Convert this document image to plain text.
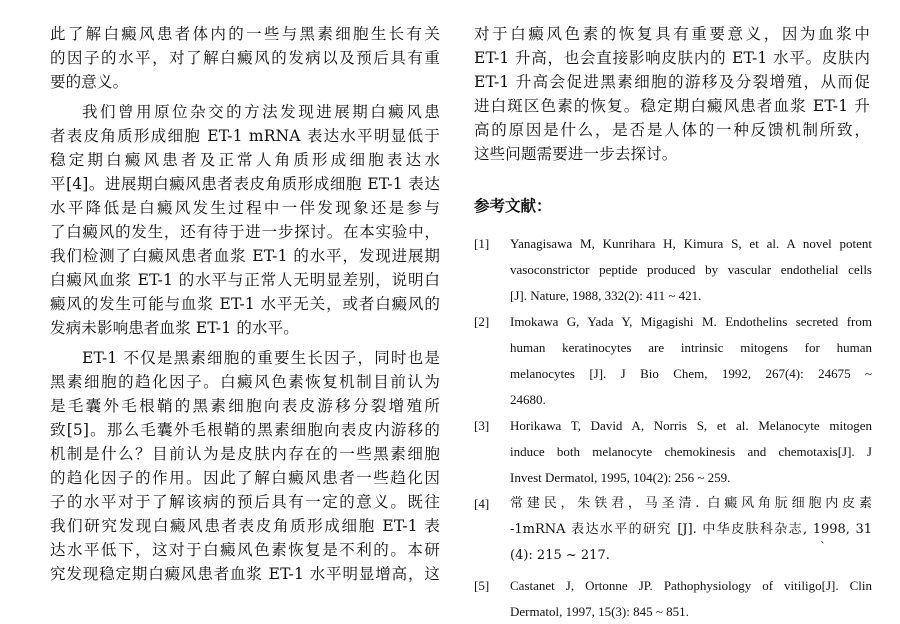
此了解白癜风患者体内的一些与黑素细胞生长有关
的因子的水平，对了解白癜风的发病以及预后具有重
要的意义。
我们曾用原位杂交的方法发现进展期白癜风患
者表皮角质形成细胞 ET-1 mRNA 表达水平明显低于
稳定期白癜风患者及正常人角质形成细胞表达水
平[4]。进展期白癜风患者表皮角质形成细胞 ET-1 表达
水平降低是白癜风发生过程中一伴发现象还是参与
了白癜风的发生，还有待于进一步探讨。在本实验中，
我们检测了白癜风患者血浆 ET-1 的水平，发现进展期
白癜风血浆 ET-1 的水平与正常人无明显差别，说明白
癜风的发生可能与血浆 ET-1 水平无关，或者白癜风的
发病未影响患者血浆 ET-1 的水平。
ET-1 不仅是黑素细胞的重要生长因子，同时也是
黑素细胞的趋化因子。白癜风色素恢复机制目前认为
是毛囊外毛根鞘的黑素细胞向表皮游移分裂增殖所
致[5]。那么毛囊外毛根鞘的黑素细胞向表皮内游移的
机制是什么？目前认为是皮肤内存在的一些黑素细胞
的趋化因子的作用。因此了解白癜风患者一些趋化因
子的水平对于了解该病的预后具有一定的意义。既往
我们研究发现白癜风患者表皮角质形成细胞 ET-1 表
达水平低下，这对于白癜风色素恢复是不利的。本研
究发现稳定期白癜风患者血浆 ET-1 水平明显增高，这
对于白癜风色素的恢复具有重要意义，因为血浆中
ET-1 升高，也会直接影响皮肤内的 ET-1 水平。皮肤内
ET-1 升高会促进黑素细胞的游移及分裂增殖，从而促
进白斑区色素的恢复。稳定期白癜风患者血浆 ET-1 升
高的原因是什么，是否是人体的一种反馈机制所致，
这些问题需要进一步去探讨。
参考文献：
[1]	Yanagisawa M, Kunrihara H, Kimura S, et al. A novel potent
vasoconstrictor peptide produced by vascular endothelial cells
[J]. Nature, 1988, 332(2): 411 ~ 421.
[2]	Imokawa G, Yada Y, Migagishi M. Endothelins secreted from
human keratinocytes are intrinsic mitogens for human
melanocytes [J]. J Bio Chem, 1992, 267(4): 24675 ~
24680.
[3]	Horikawa T, David A, Norris S, et al. Melanocyte mitogen
induce both melanocyte chemokinesis and chemotaxis[J]. J
Invest Dermatol, 1995, 104(2): 256 ~ 259.
[4]	常建民，朱铁君，马圣清. 白癜风角朊细胞内皮素
-1mRNA 表达水平的研究 [J]. 中华皮肤科杂志, 1998, 31
(4): 215 ~ 217.
[5]	Castanet J, Ortonne JP. Pathophysiology of vitiligo[J]. Clin
Dermatol, 1997, 15(3): 845 ~ 851.
ˋ
